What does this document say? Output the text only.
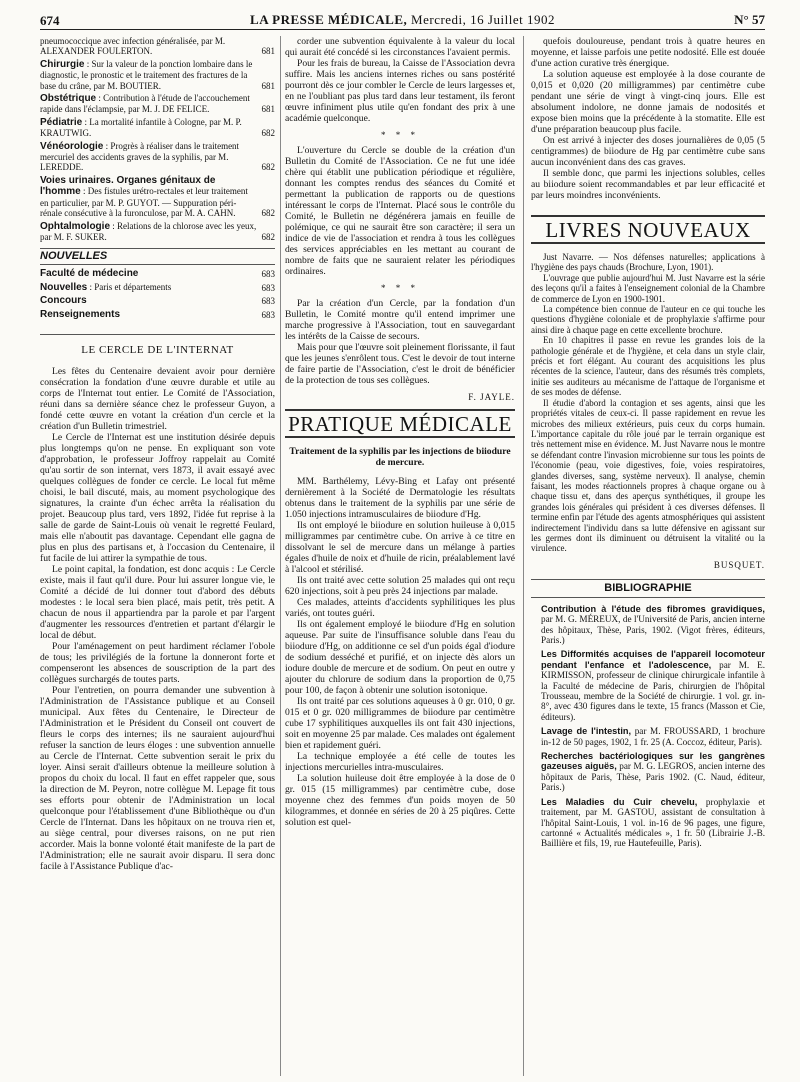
674	LA PRESSE MÉDICALE, Mercredi, 16 Juillet 1902	N° 57
pneumococcique avec infection généralisée, par M. ALEXANDER FOULERTON.	681
Chirurgie : Sur la valeur de la ponction lombaire dans le diagnostic, le pronostic et le traitement des fractures de la base du crâne, par M. BOUTIER.	681
Obstétrique : Contribution à l'étude de l'accouchement rapide dans l'éclampsie, par M. J. DE FELICE.	681
Pédiatrie : La mortalité infantile à Cologne, par M. P. KRAUTWIG.	682
Vénéorologie : Progrès à réaliser dans le traitement mercuriel des accidents graves de la syphilis, par M. LEREDDE.	682
Voies urinaires. Organes génitaux de l'homme : Des fistules urétro-rectales et leur traitement en particulier, par M. P. GUYOT. — Suppuration péri-rénale consécutive à la furonculose, par M. A. CAHN.	682
Ophtalmologie : Relations de la chlorose avec les yeux, par M. F. SUKER.	682
NOUVELLES
Faculté de médecine	683
Nouvelles : Paris et départements	683
Concours	683
Renseignements	683
LE CERCLE DE L'INTERNAT

Les fêtes du Centenaire devaient avoir pour dernière consécration la fondation d'une œuvre durable et utile au corps de l'Internat tout entier. Le Comité de l'Association, réuni dans sa dernière séance chez le professeur Guyon, a fondé cette œuvre en votant la création d'un cercle et la création d'un Bulletin trimestriel.

Le Cercle de l'Internat est une institution désirée depuis plus longtemps qu'on ne pense. En expliquant son vote d'approbation, le professeur Joffroy rappelait au Comité qu'au sortir de son internat, vers 1873, il avait essayé avec quelques collègues de fonder ce cercle. Le local fut même choisi, le bail discuté, mais, au moment psychologique des signatures, la crainte d'un échec arrêta la réalisation du projet. Beaucoup plus tard, vers 1892, l'idée fut reprise à la salle de garde de Saint-Louis où venait le regretté Feulard, mais elle n'aboutit pas davantage. Cependant elle gagna de plus en plus des partisans et, à l'occasion du Centenaire, il fut facile de lui attirer la sympathie de tous.

Le point capital, la fondation, est donc acquis : Le Cercle existe, mais il faut qu'il dure. Pour lui assurer longue vie, le Comité a décidé de lui donner tout d'abord des débuts modestes : le local sera bien placé, mais petit, très petit. A chacun de nous il appartiendra par la parole et par l'argent d'augmenter les ressources d'entretien et partant d'élargir le local de début.

Pour l'aménagement on peut hardiment réclamer l'obole de tous; les privilégiés de la fortune la donneront forte et compenseront les absences de souscription de la part des collègues surchargés de toutes parts.

Pour l'entretien, on pourra demander une subvention à l'Administration de l'Assistance publique et au Conseil municipal. Aux fêtes du Centenaire, le Directeur de l'Administration et le Président du Conseil ont couvert de fleurs le corps des internes; ils ne sauraient aujourd'hui refuser la sanction de leurs éloges : une subvention annuelle au Cercle de l'Internat. Cette subvention serait le prix du loyer. Ainsi serait d'ailleurs obtenue la meilleure solution à propos du choix du local. Il faut en effet rappeler que, sous la direction de M. Peyron, notre collègue M. Lepage fit tous ses efforts pour obtenir de l'Administration un local quelconque pour l'établissement d'une Bibliothèque ou d'un Cercle de l'Internat. Dans les hôpitaux on ne trouva rien et, au siège central, pour diverses raisons, on ne put rien accorder. Mais la bonne volonté était manifeste de la part de l'Administration; elle ne saurait avoir disparu. Il sera donc facile à l'Assistance Publique d'ac-

corder une subvention équivalente à la valeur du local qui aurait été concédé si les circonstances l'avaient permis.

Pour les frais de bureau, la Caisse de l'Association devra suffire. Mais les anciens internes riches ou sans postérité pourront dès ce jour combler le Cercle de leurs largesses et, en ne l'oubliant pas plus tard dans leur testament, ils feront œuvre infiniment plus utile qu'en fondant des prix à une académie quelconque.

* * *

L'ouverture du Cercle se double de la création d'un Bulletin du Comité de l'Association. Ce ne fut une idée chère qui établit une publication périodique et régulière, donnant les comptes rendus des séances du Comité et permettant la publication de rapports ou de questions intéressant le corps de l'Internat. Placé sous le contrôle du Comité, le Bulletin ne dégénérera jamais en feuille de polémique, ce qui ne saurait être son caractère; il sera un indice de vie de l'association et rendra à tous les collègues des services appréciables en les mettant au courant de nombre de faits que ne sauraient relater les périodiques ordinaires.

* * *

Par la création d'un Cercle, par la fondation d'un Bulletin, le Comité montre qu'il entend imprimer une marche progressive à l'Association, tout en sauvegardant les intérêts de la Caisse de secours.

Mais pour que l'œuvre soit pleinement florissante, il faut que les jeunes s'enrôlent tous. C'est le devoir de tout interne de faire partie de l'Association, c'est le droit de bénéficier de la protection de tous ses collègues.

F. JAYLE.
PRATIQUE MÉDICALE
Traitement de la syphilis par les injections de biiodure de mercure.

MM. Barthélemy, Lévy-Bing et Lafay ont présenté dernièrement à la Société de Dermatologie les résultats obtenus dans le traitement de la syphilis par une série de 1.050 injections intramusculaires de biiodure d'Hg.

Ils ont employé le biiodure en solution huileuse à 0,015 milligrammes par centimètre cube. On arrive à ce titre en dissolvant le sel de mercure dans un mélange à parties égales d'huile de noix et d'huile de ricin, préalablement lavé à l'alcool et stérilisé.

Ils ont traité avec cette solution 25 malades qui ont reçu 620 injections, soit à peu près 24 injections par malade.

Ces malades, atteints d'accidents syphilitiques les plus variés, ont toutes guéri.

Ils ont également employé le biiodure d'Hg en solution aqueuse. Par suite de l'insuffisance soluble dans l'eau du biiodure d'Hg, on additionne ce sel d'un poids égal d'iodure de sodium desséché et purifié, et on injecte dès alors un iodure double de mercure et de sodium. On peut en outre y ajouter du chlorure de sodium dans la proportion de 0,75 pour 100, de façon à obtenir une solution isotonique.

Ils ont traité par ces solutions aqueuses à 0 gr. 010, 0 gr. 015 et 0 gr. 020 milligrammes de biiodure par centimètre cube 17 syphilitiques auxquelles ils ont fait 430 injections, soit en moyenne 25 par malade. Ces malades ont également bien et rapidement guéri.

La technique employée a été celle de toutes les injections mercurielles intra-musculaires.

La solution huileuse doit être employée à la dose de 0 gr. 015 (15 milligrammes) par centimètre cube, dose moyenne chez des femmes d'un poids moyen de 50 kilogrammes, et donnée en séries de 20 à 25 piqûres. Cette solution est quel-

quefois douloureuse, pendant trois à quatre heures en moyenne, et laisse parfois une petite nodosité. Elle est douée d'une action curative très énergique.

La solution aqueuse est employée à la dose courante de 0,015 et 0,020 (20 milligrammes) par centimètre cube pendant une série de vingt à vingt-cinq jours. Elle est absolument indolore, ne donne jamais de nodosités et expose bien moins que la précédente à la stomatite. Elle est d'une préparation beaucoup plus facile.

On est arrivé à injecter des doses journalières de 0,05 (5 centigrammes) de biiodure de Hg par centimètre cube sans aucun inconvénient dans des cas graves.

Il semble donc, que parmi les injections solubles, celles au biiodure soient recommandables et par leur efficacité et par leurs moindres inconvénients.

LIVRES NOUVEAUX

Just Navarre. — Nos défenses naturelles; applications à l'hygiène des pays chauds (Brochure, Lyon, 1901).

L'ouvrage que publie aujourd'hui M. Just Navarre est la série des leçons qu'il a faites à l'enseignement colonial de la Chambre de commerce de Lyon en 1900-1901.

La compétence bien connue de l'auteur en ce qui touche les questions d'hygiène coloniale et de prophylaxie s'affirme pour ainsi dire à chaque page en cette excellente brochure.

En 10 chapitres il passe en revue les grandes lois de la pathologie générale et de l'hygiène, et cela dans un style clair, précis et fort élégant. Au courant des acquisitions les plus récentes de la science, l'auteur, dans des résumés très complets, initie ses auditeurs au mécanisme de l'attaque de l'organisme et de ses modes de défense.

Il étudie d'abord la contagion et ses agents, ainsi que les propriétés vitales de ceux-ci. Il passe rapidement en revue les microbes des milieux extérieurs, puis ceux du corps humain. L'importance capitale du rôle joué par le terrain organique est très nettement mise en évidence. M. Just Navarre nous le montre se défendant contre l'invasion microbienne sur tous les points de l'économie (peau, voie digestives, foie, voies respiratoires, glandes diverses, sang, système nerveux). Il analyse, chemin faisant, les modes réactionnels propres à chaque organe ou à chaque tissu et, dans des aperçus synthétiques, il groupe les grandes lois générales qui président à ces diverses défenses. Il termine enfin par l'étude des agents atmosphériques qui assistent indirectement l'individu dans sa lutte défensive en agissant sur les germes dont ils diminuent ou détruisent la vitalité ou la virulence.

BUSQUET.
BIBLIOGRAPHIE
Contribution à l'étude des fibromes gravidiques, par M. G. MÉREUX, de l'Université de Paris, ancien interne des hôpitaux, Thèse, Paris, 1902. (Vigot frères, éditeurs, Paris.)
Les Difformités acquises de l'appareil locomoteur pendant l'enfance et l'adolescence, par M. E. KIRMISSON, professeur de clinique chirurgicale infantile à la Faculté de médecine de Paris, chirurgien de l'hôpital Trousseau, membre de la Société de chirurgie. 1 vol. gr. in-8°, avec 430 figures dans le texte, 15 francs (Masson et Cie, éditeurs).
Lavage de l'intestin, par M. FROUSSARD, 1 brochure in-12 de 50 pages, 1902, 1 fr. 25 (A. Coccoz, éditeur, Paris).
Recherches bactériologiques sur les gangrènes gazeuses aiguës, par M. G. LEGROS, ancien interne des hôpitaux de Paris, Thèse, Paris 1902. (C. Naud, éditeur, Paris.)
Les Maladies du Cuir chevelu, prophylaxie et traitement, par M. GASTOU, assistant de consultation à l'hôpital Saint-Louis, 1 vol. in-16 de 96 pages, une figure, cartonné « Actualités médicales », 1 fr. 50 (Librairie J.-B. Baillière et fils, 19, rue Hautefeuille, Paris).
